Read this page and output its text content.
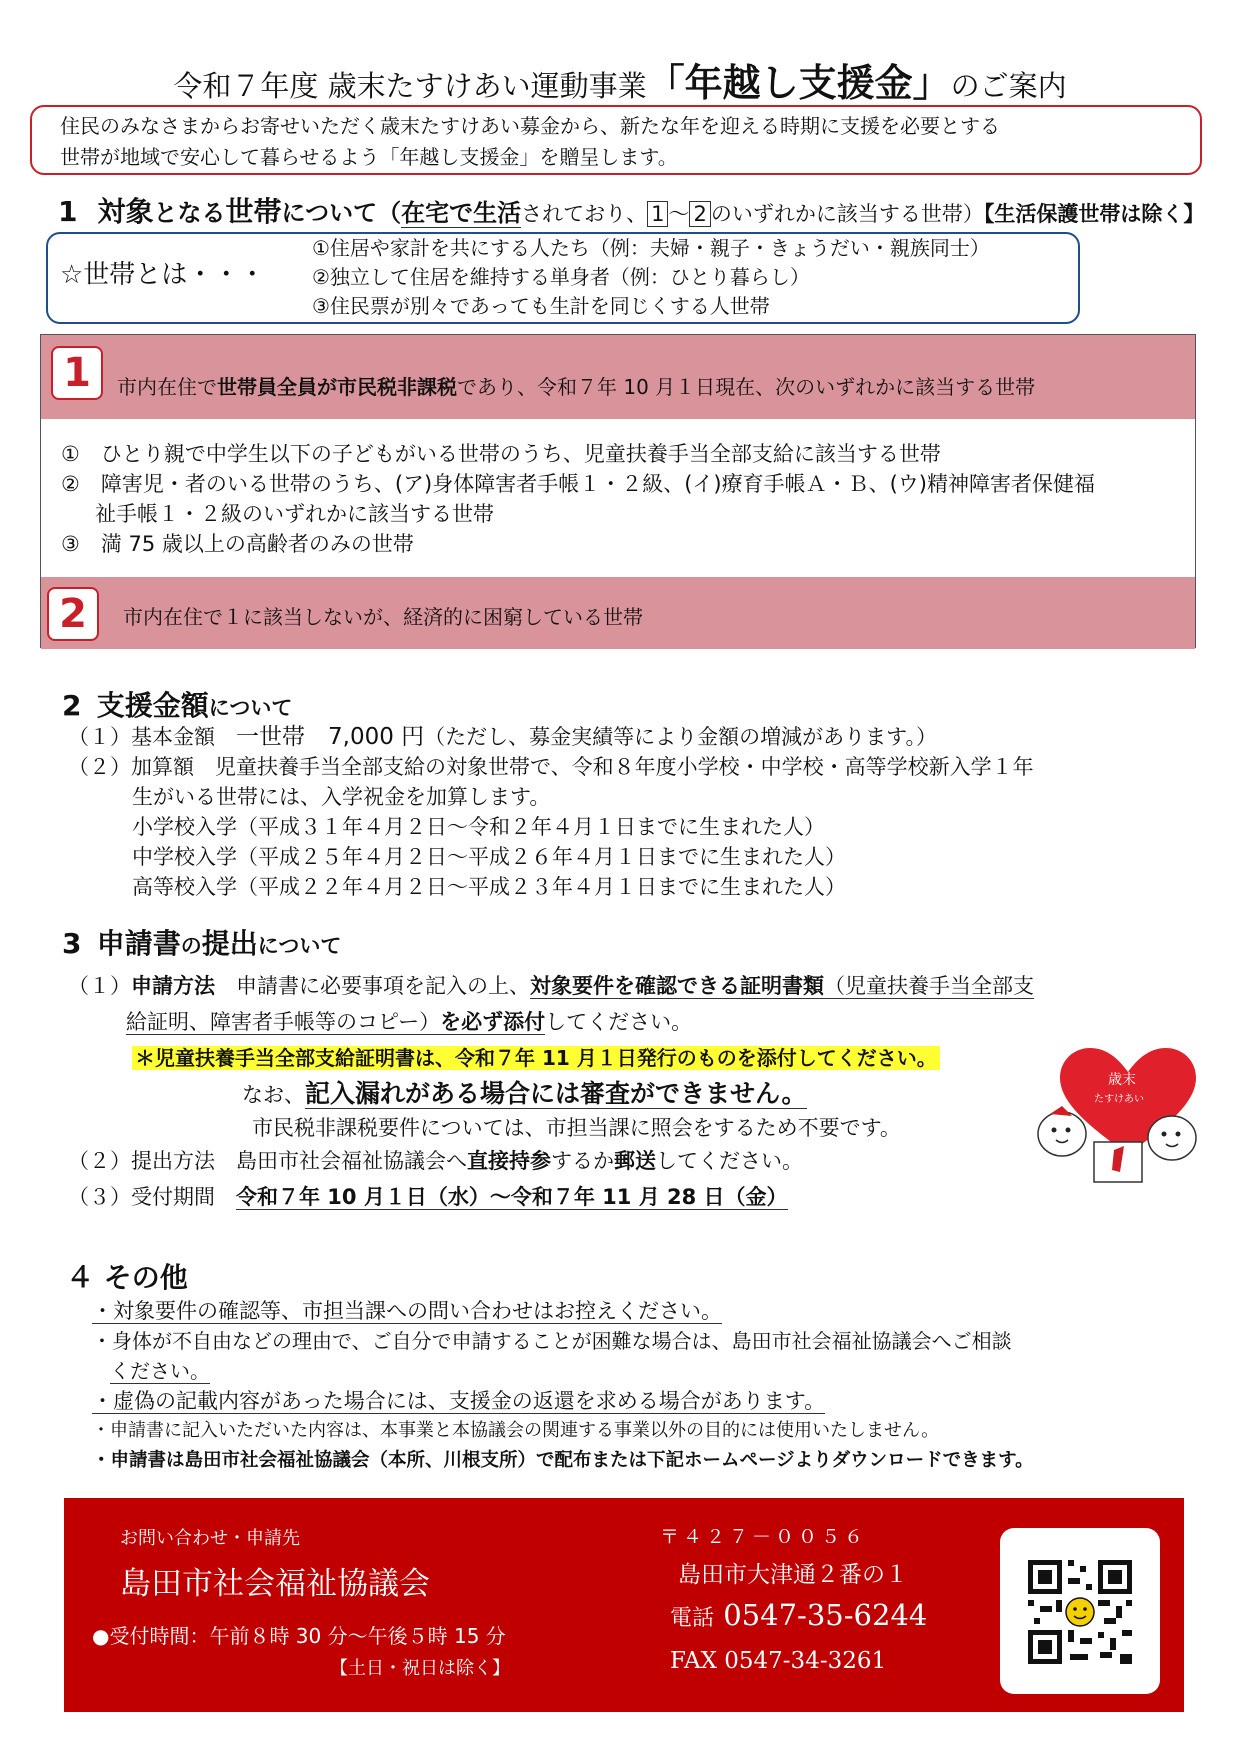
令和７年度 歳末たすけあい運動事業「年越し支援金」のご案内
住民のみなさまからお寄せいただく歳末たすけあい募金から、新たな年を迎える時期に支援を必要とする
世帯が地域で安心して暮らせるよう「年越し支援金」を贈呈します。
1 対象となる世帯について（在宅で生活されており、 1 ～ 2 のいずれかに該当する世帯）【生活保護世帯は除く】
☆世帯とは・・・
①住居や家計を共にする人たち（例：夫婦・親子・きょうだい・親族同士）
②独立して住居を維持する単身者（例：ひとり暮らし）
③住民票が別々であっても生計を同じくする人世帯
1	市内在住で世帯員全員が市民税非課税であり、令和７年 10 月１日現在、次のいずれかに該当する世帯
①　ひとり親で中学生以下の子どもがいる世帯のうち、児童扶養手当全部支給に該当する世帯
②　障害児・者のいる世帯のうち、(ア)身体障害者手帳１・２級、(イ)療育手帳Ａ・Ｂ、(ウ)精神障害者保健福
祉手帳１・２級のいずれかに該当する世帯
③　満 75 歳以上の高齢者のみの世帯
2	市内在住で１に該当しないが、経済的に困窮している世帯
2 支援金額について
（１）基本金額　一世帯　7,000 円（ただし、募金実績等により金額の増減があります。）
（２）加算額　児童扶養手当全部支給の対象世帯で、令和８年度小学校・中学校・高等学校新入学１年
生がいる世帯には、入学祝金を加算します。
小学校入学（平成３１年４月２日～令和２年４月１日までに生まれた人）
中学校入学（平成２５年４月２日～平成２６年４月１日までに生まれた人）
高等校入学（平成２２年４月２日～平成２３年４月１日までに生まれた人）
3 申請書の提出について
（１）申請方法　申請書に必要事項を記入の上、対象要件を確認できる証明書類（児童扶養手当全部支
給証明、障害者手帳等のコピー）を必ず添付してください。
＊児童扶養手当全部支給証明書は、令和７年 11 月１日発行のものを添付してください。
なお、記入漏れがある場合には審査ができません。
市民税非課税要件については、市担当課に照会をするため不要です。
（２）提出方法　島田市社会福祉協議会へ直接持参するか郵送してください。
（３）受付期間　令和７年 10 月１日（水）～令和７年 11 月 28 日（金）
歳末
たすけあい
４ その他
・対象要件の確認等、市担当課への問い合わせはお控えください。
・身体が不自由などの理由で、ご自分で申請することが困難な場合は、島田市社会福祉協議会へご相談
ください。
・虚偽の記載内容があった場合には、支援金の返還を求める場合があります。
・申請書に記入いただいた内容は、本事業と本協議会の関連する事業以外の目的には使用いたしません。
・申請書は島田市社会福祉協議会（本所、川根支所）で配布または下記ホームページよりダウンロードできます。
お問い合わせ・申請先
島田市社会福祉協議会
●受付時間：午前８時 30 分～午後５時 15 分
【土日・祝日は除く】
〒４２７－００５６
島田市大津通２番の１
電話 0547-35-6244
FAX 0547-34-3261
